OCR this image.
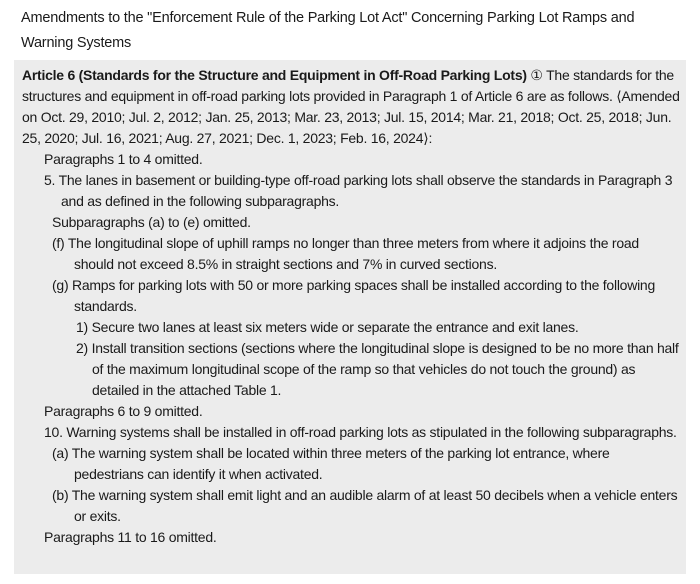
Amendments to the "Enforcement Rule of the Parking Lot Act" Concerning Parking Lot Ramps and Warning Systems

Article 6 (Standards for the Structure and Equipment in Off-Road Parking Lots) ① The standards for the structures and equipment in off-road parking lots provided in Paragraph 1 of Article 6 are as follows. ⟨Amended on Oct. 29, 2010; Jul. 2, 2012; Jan. 25, 2013; Mar. 23, 2013; Jul. 15, 2014; Mar. 21, 2018; Oct. 25, 2018; Jun. 25, 2020; Jul. 16, 2021; Aug. 27, 2021; Dec. 1, 2023; Feb. 16, 2024⟩:

Paragraphs 1 to 4 omitted.

5. The lanes in basement or building-type off-road parking lots shall observe the standards in Paragraph 3 and as defined in the following subparagraphs.

Subparagraphs (a) to (e) omitted.

(f) The longitudinal slope of uphill ramps no longer than three meters from where it adjoins the road should not exceed 8.5% in straight sections and 7% in curved sections.

(g) Ramps for parking lots with 50 or more parking spaces shall be installed according to the following standards.

1) Secure two lanes at least six meters wide or separate the entrance and exit lanes.

2) Install transition sections (sections where the longitudinal slope is designed to be no more than half of the maximum longitudinal scope of the ramp so that vehicles do not touch the ground) as detailed in the attached Table 1.

Paragraphs 6 to 9 omitted.

10. Warning systems shall be installed in off-road parking lots as stipulated in the following subparagraphs.

(a) The warning system shall be located within three meters of the parking lot entrance, where pedestrians can identify it when activated.

(b) The warning system shall emit light and an audible alarm of at least 50 decibels when a vehicle enters or exits.

Paragraphs 11 to 16 omitted.
